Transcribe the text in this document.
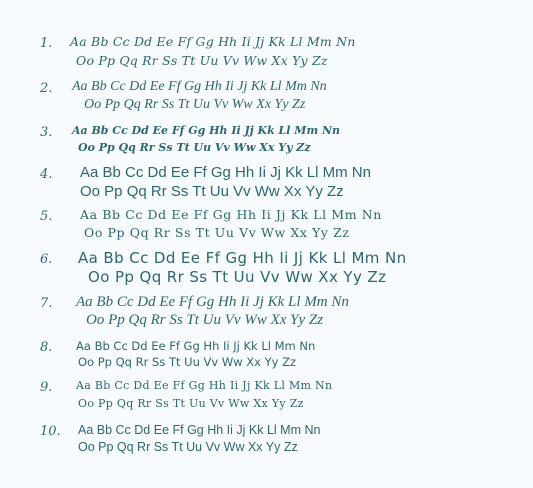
1. Aa Bb Cc Dd Ee Ff Gg Hh Ii Jj Kk Ll Mm Nn
Oo Pp Qq Rr Ss Tt Uu Vv Ww Xx Yy Zz
2. Aa Bb Cc Dd Ee Ff Gg Hh Ii Jj Kk Ll Mm Nn
Oo Pp Qq Rr Ss Tt Uu Vv Ww Xx Yy Zz
3. Aa Bb Cc Dd Ee Ff Gg Hh Ii Jj Kk Ll Mm Nn
Oo Pp Qq Rr Ss Tt Uu Vv Ww Xx Yy Zz
4. Aa Bb Cc Dd Ee Ff Gg Hh Ii Jj Kk Ll Mm Nn
Oo Pp Qq Rr Ss Tt Uu Vv Ww Xx Yy Zz
5. Aa Bb Cc Dd Ee Ff Gg Hh Ii Jj Kk Ll Mm Nn
Oo Pp Qq Rr Ss Tt Uu Vv Ww Xx Yy Zz
6. Aa Bb Cc Dd Ee Ff Gg Hh Ii Jj Kk Ll Mm Nn
Oo Pp Qq Rr Ss Tt Uu Vv Ww Xx Yy Zz
7. Aa Bb Cc Dd Ee Ff Gg Hh Ii Jj Kk Ll Mm Nn
Oo Pp Qq Rr Ss Tt Uu Vv Ww Xx Yy Zz
8. Aa Bb Cc Dd Ee Ff Gg Hh Ii Jj Kk Ll Mm Nn
Oo Pp Qq Rr Ss Tt Uu Vv Ww Xx Yy Zz
9. Aa Bb Cc Dd Ee Ff Gg Hh Ii Jj Kk Ll Mm Nn
Oo Pp Qq Rr Ss Tt Uu Vv Ww Xx Yy Zz
10. Aa Bb Cc Dd Ee Ff Gg Hh Ii Jj Kk Ll Mm Nn
Oo Pp Qq Rr Ss Tt Uu Vv Ww Xx Yy Zz
